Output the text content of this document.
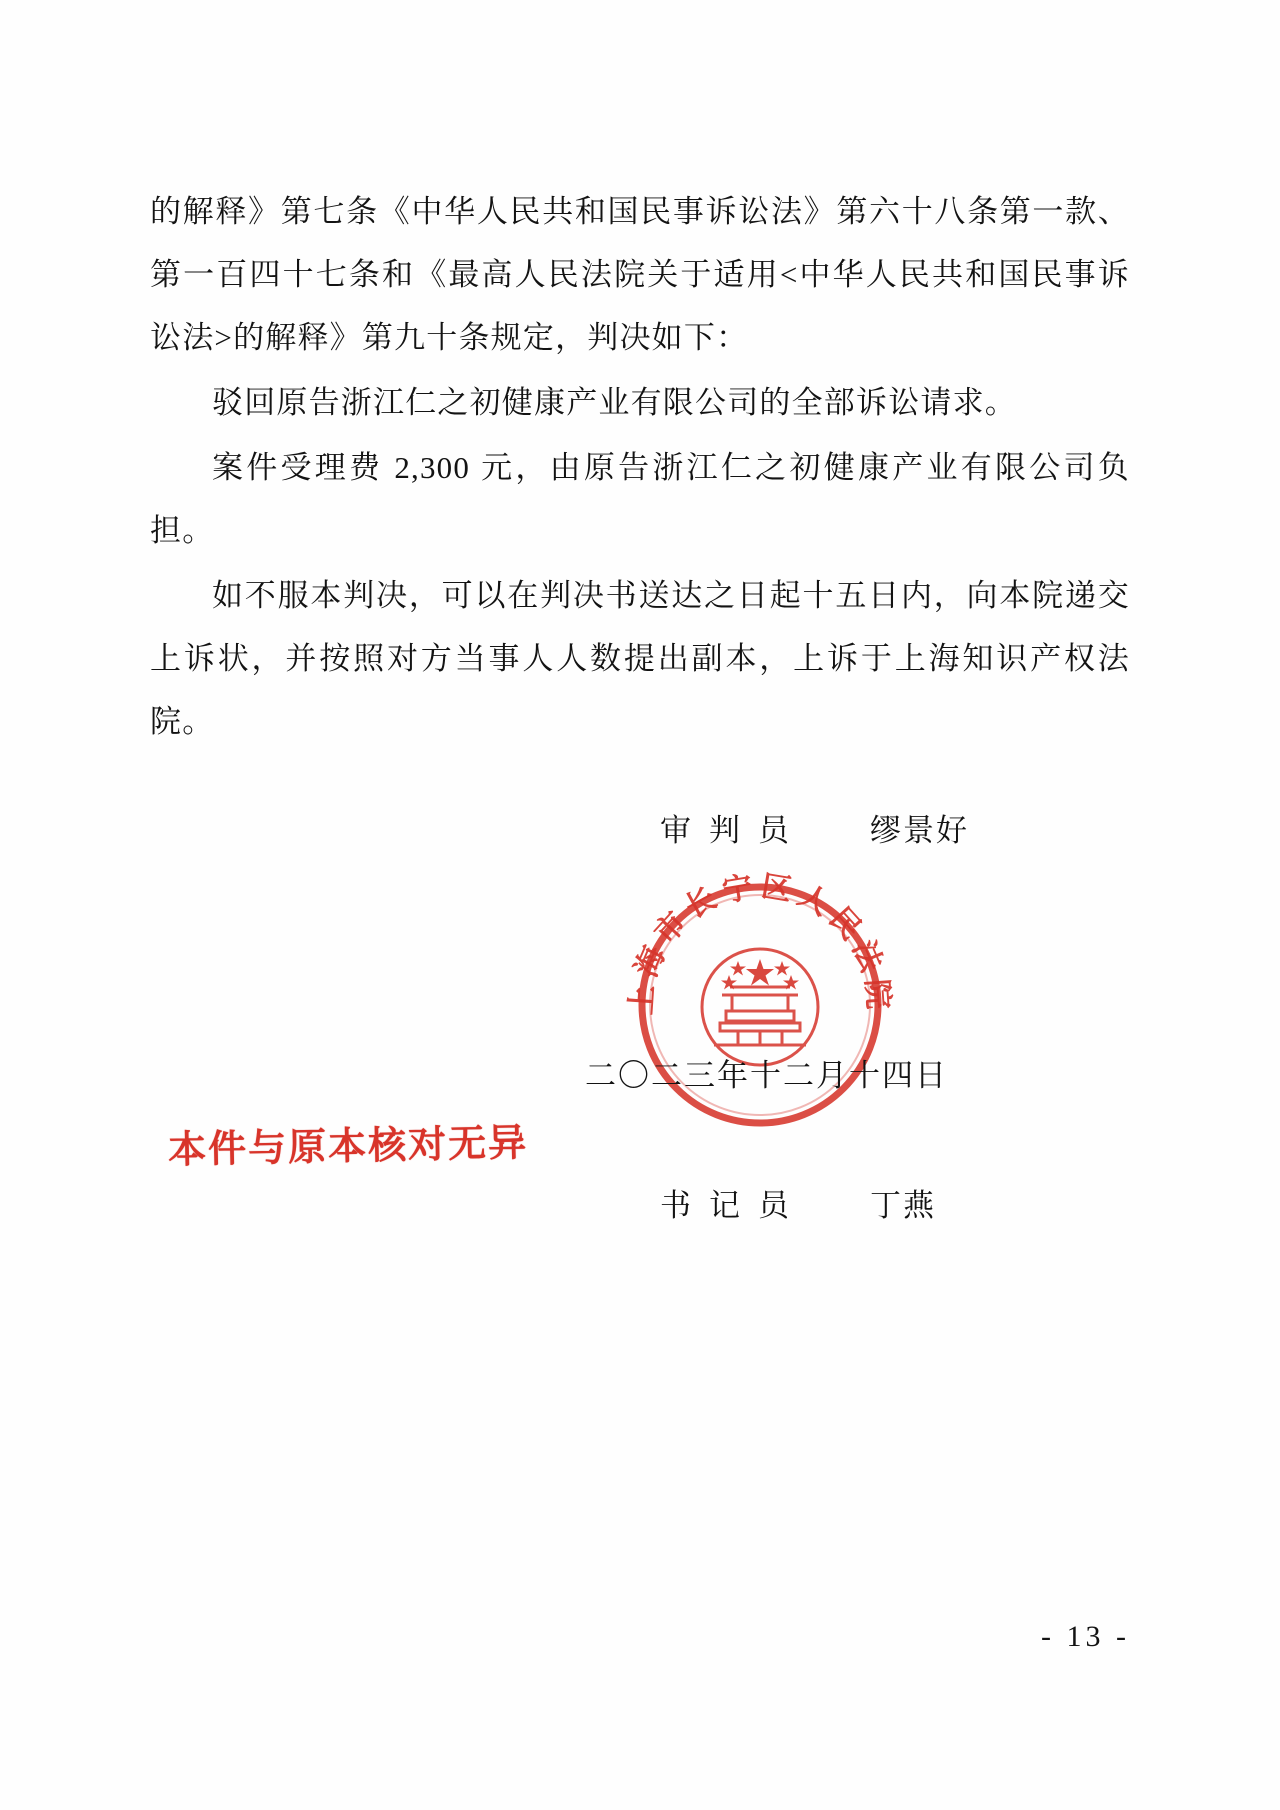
的解释》第七条《中华人民共和国民事诉讼法》第六十八条第一款、第一百四十七条和《最高人民法院关于适用<中华人民共和国民事诉讼法>的解释》第九十条规定，判决如下：

驳回原告浙江仁之初健康产业有限公司的全部诉讼请求。

案件受理费 2,300 元，由原告浙江仁之初健康产业有限公司负担。

如不服本判决，可以在判决书送达之日起十五日内，向本院递交上诉状，并按照对方当事人人数提出副本，上诉于上海知识产权法院。

审判员 缪景好
上海市长宁区人民法院
二〇二三年十二月十四日
本件与原本核对无异
书记员 丁燕
- 13 -
